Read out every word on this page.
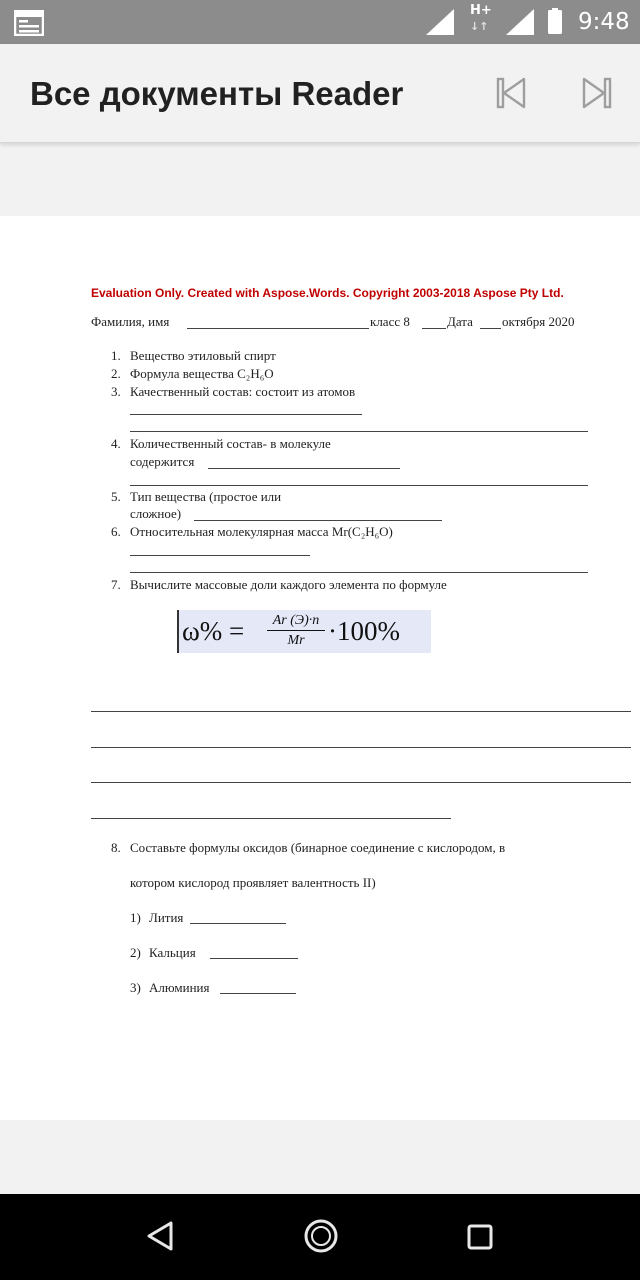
H+
↓↑	9:48
Все документы Reader
Evaluation Only. Created with Aspose.Words. Copyright 2003-2018 Aspose Pty Ltd.
Фамилия, имя	класс 8	Дата октября 2020
1. Вещество этиловый спирт
2. Формула вещества C₂H₆O
3. Качественный состав: состоит из атомов
4. Количественный состав- в молекуле
содержится
5. Тип вещества (простое или
сложное)
6. Относительная молекулярная масса Mr(C₂H₆O)
7. Вычислите массовые доли каждого элемента по формуле
ω% =	Ar (Э)·n
Mr ·100%
8. Составьте формулы оксидов (бинарное соединение с кислородом, в
котором кислород проявляет валентность II)
1) Лития
2) Кальция
3) Алюминия
